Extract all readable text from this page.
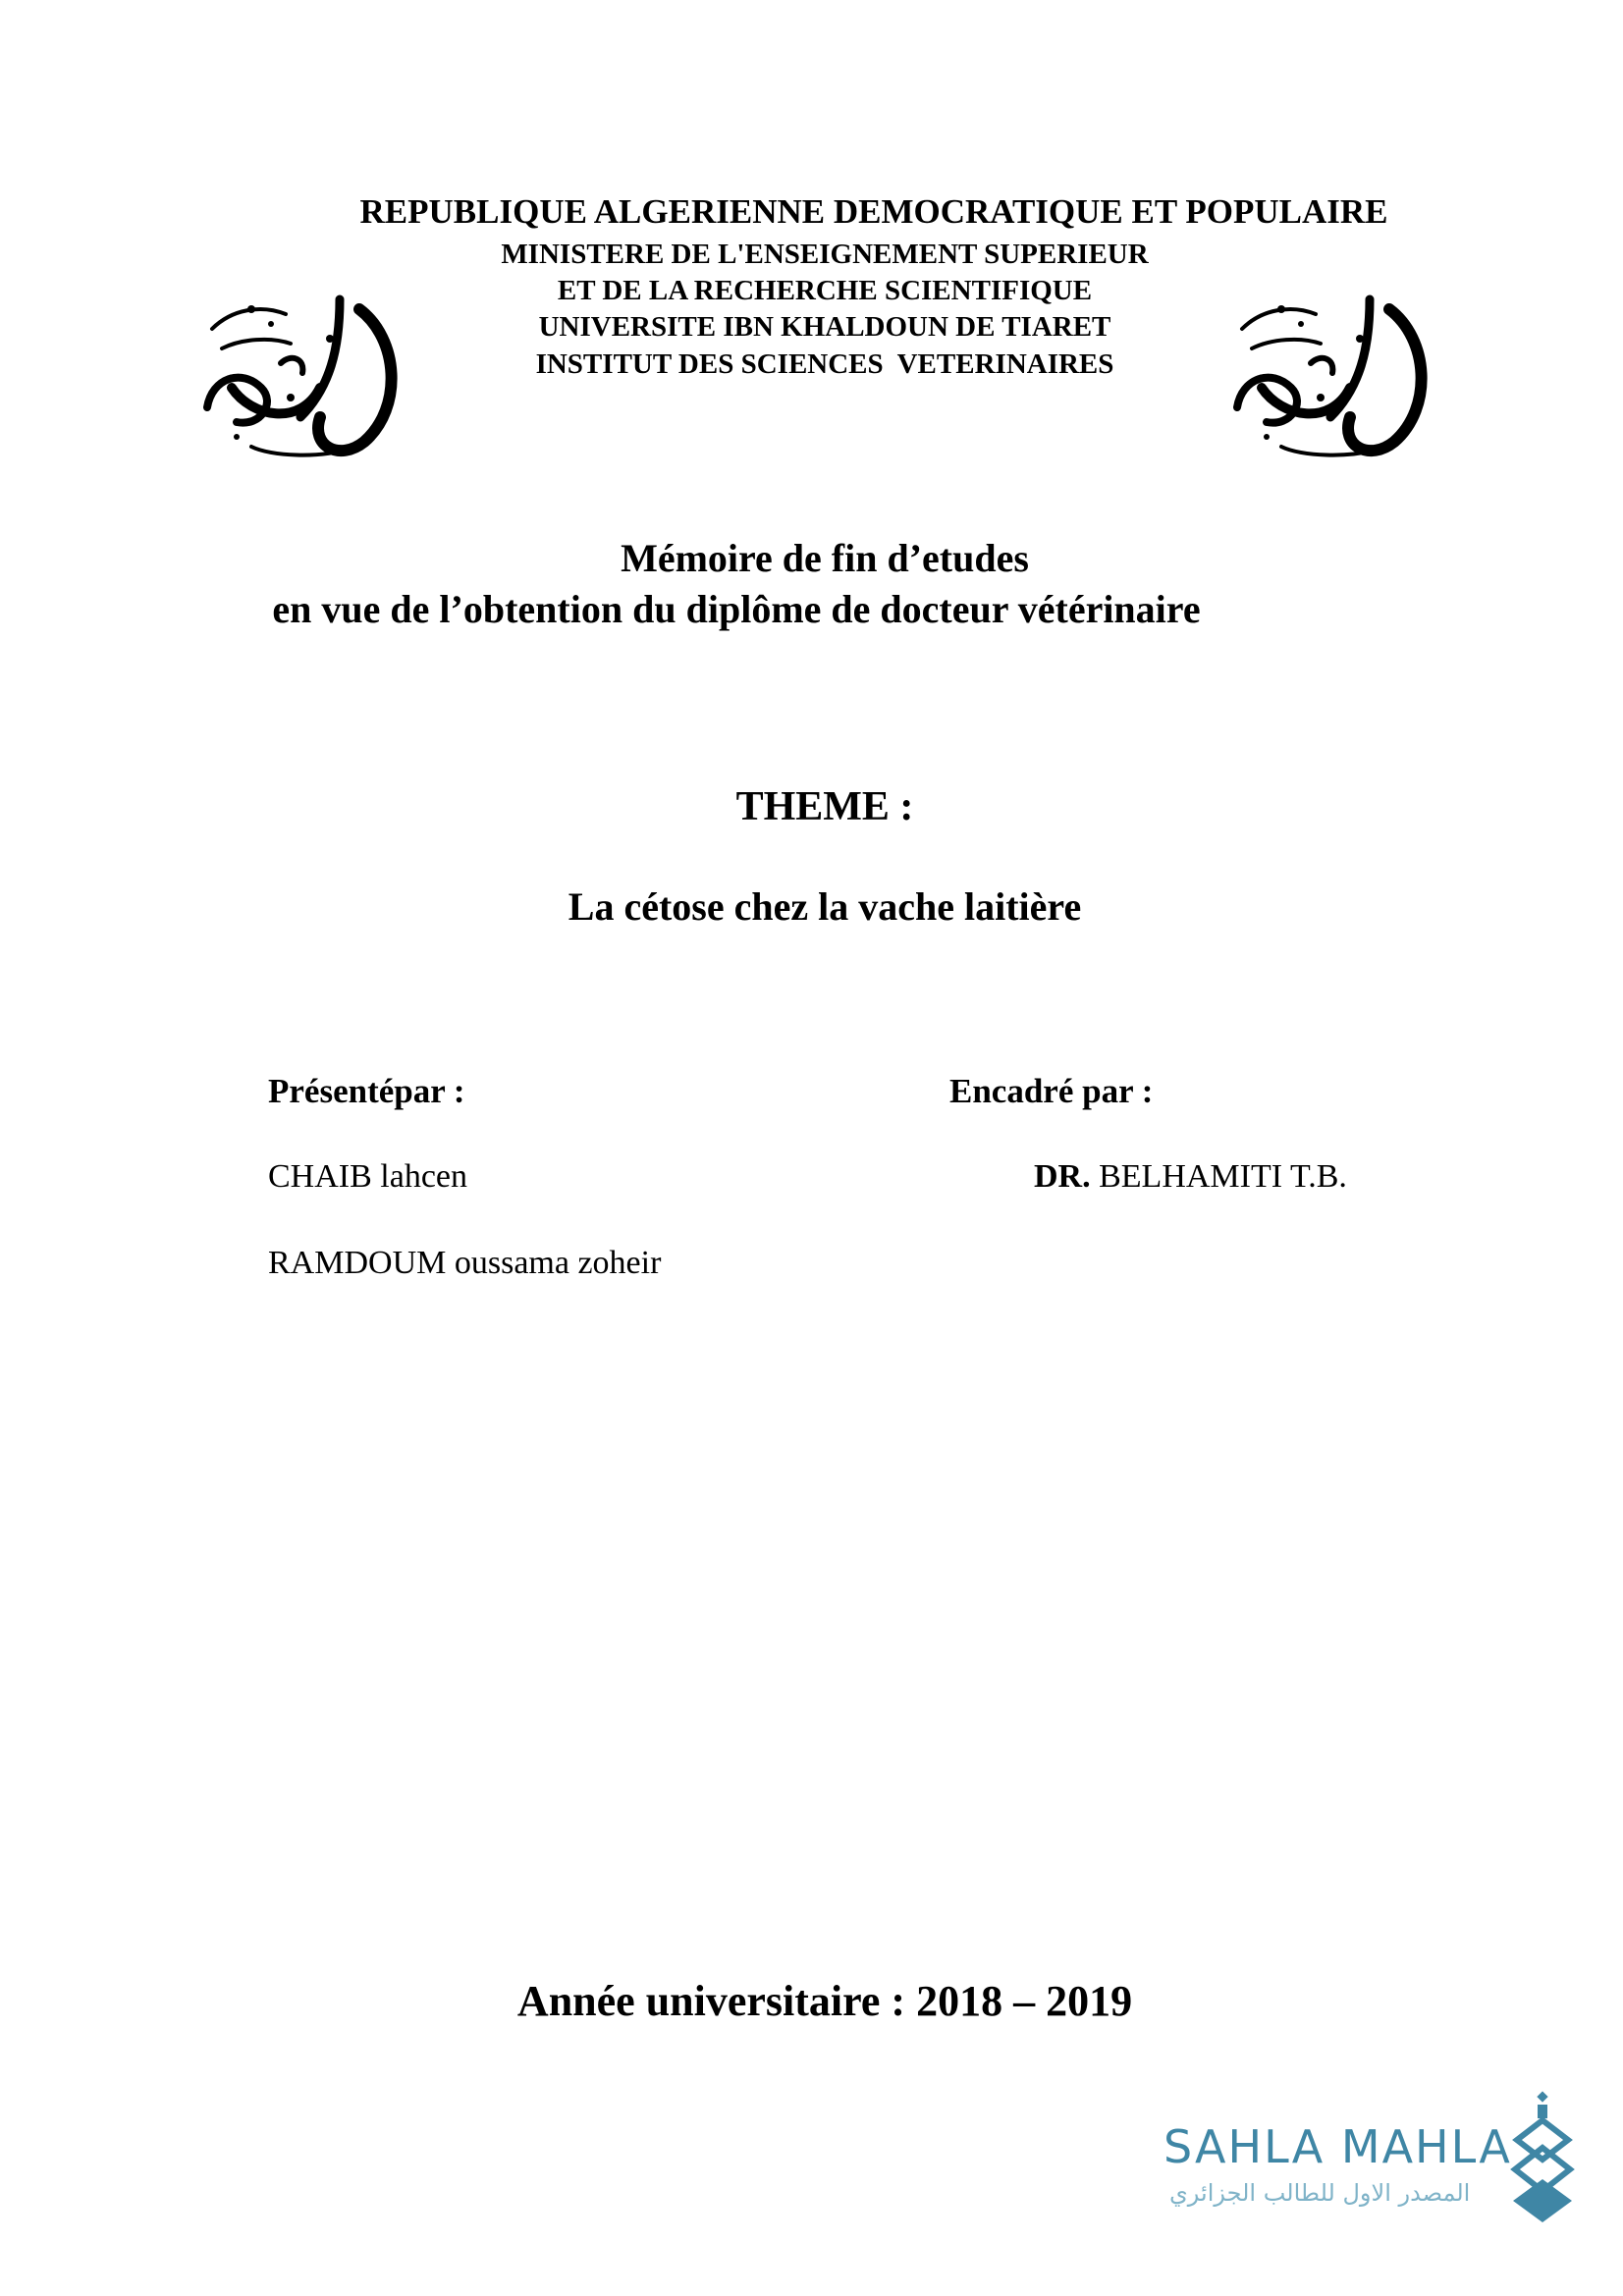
REPUBLIQUE ALGERIENNE DEMOCRATIQUE ET POPULAIRE
MINISTERE DE L'ENSEIGNEMENT SUPERIEUR
ET DE LA RECHERCHE SCIENTIFIQUE
UNIVERSITE IBN KHALDOUN DE TIARET
INSTITUT DES SCIENCES  VETERINAIRES
Mémoire de fin d’etudes
en vue de l’obtention du diplôme de docteur vétérinaire
THEME :
La cétose chez la vache laitière
Présentépar :	Encadré par :
CHAIB lahcen
RAMDOUM oussama zoheir
DR. BELHAMITI T.B.
Année universitaire : 2018 – 2019
SAHLA MAHLA
المصدر الاول للطالب الجزائري
